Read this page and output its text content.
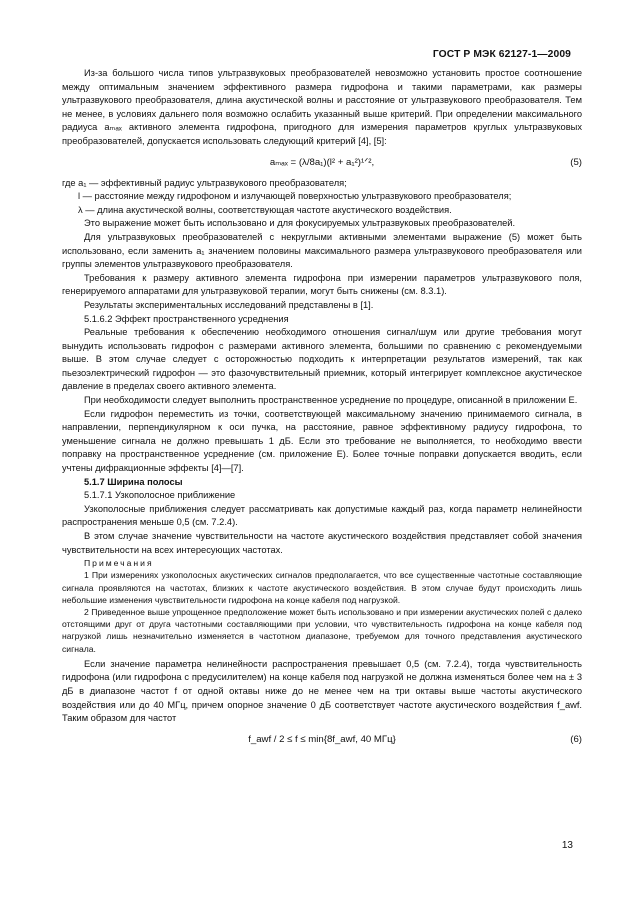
ГОСТ Р МЭК 62127-1—2009

Из-за большого числа типов ультразвуковых преобразователей невозможно установить простое соотношение между оптимальным значением эффективного размера гидрофона и такими параметрами, как размеры ультразвукового преобразователя, длина акустической волны и расстояние от ультразвукового преобразователя. Тем не менее, в условиях дальнего поля возможно ослабить указанный выше критерий. При определении максимального радиуса aₘₐₓ активного элемента гидрофона, пригодного для измерения параметров круглых ультразвуковых преобразователей, допускается использовать следующий критерий [4], [5]:

aₘₐₓ = (λ/8a₁)(l² + a₁²)¹ᐟ²,	(5)

где a₁ — эффективный радиус ультразвукового преобразователя;

l — расстояние между гидрофоном и излучающей поверхностью ультразвукового преобразователя;

λ — длина акустической волны, соответствующая частоте акустического воздействия.

Это выражение может быть использовано и для фокусируемых ультразвуковых преобразователей.

Для ультразвуковых преобразователей с некруглыми активными элементами выражение (5) может быть использовано, если заменить a₁ значением половины максимального размера ультразвукового преобразователя или группы элементов ультразвукового преобразователя.

Требования к размеру активного элемента гидрофона при измерении параметров ультразвукового поля, генерируемого аппаратами для ультразвуковой терапии, могут быть снижены (см. 8.3.1).

Результаты экспериментальных исследований представлены в [1].

5.1.6.2 Эффект пространственного усреднения

Реальные требования к обеспечению необходимого отношения сигнал/шум или другие требования могут вынудить использовать гидрофон с размерами активного элемента, большими по сравнению с рекомендуемыми выше. В этом случае следует с осторожностью подходить к интерпретации результатов измерений, так как пьезоэлектрический гидрофон — это фазочувствительный приемник, который интегрирует комплексное акустическое давление в пределах своего активного элемента.

При необходимости следует выполнить пространственное усреднение по процедуре, описанной в приложении Е.

Если гидрофон переместить из точки, соответствующей максимальному значению принимаемого сигнала, в направлении, перпендикулярном к оси пучка, на расстояние, равное эффективному радиусу гидрофона, то уменьшение сигнала не должно превышать 1 дБ. Если это требование не выполняется, то необходимо ввести поправку на пространственное усреднение (см. приложение Е). Более точные поправки допускается вводить, если учтены дифракционные эффекты [4]—[7].

5.1.7 Ширина полосы

5.1.7.1 Узкополосное приближение

Узкополосные приближения следует рассматривать как допустимые каждый раз, когда параметр нелинейности распространения меньше 0,5 (см. 7.2.4).

В этом случае значение чувствительности на частоте акустического воздействия представляет собой значения чувствительности на всех интересующих частотах.

Примечания

1 При измерениях узкополосных акустических сигналов предполагается, что все существенные частотные составляющие сигнала проявляются на частотах, близких к частоте акустического воздействия. В этом случае будут происходить лишь небольшие изменения чувствительности гидрофона на конце кабеля под нагрузкой.

2 Приведенное выше упрощенное предположение может быть использовано и при измерении акустических полей с далеко отстоящими друг от друга частотными составляющими при условии, что чувствительность гидрофона на конце кабеля под нагрузкой лишь незначительно изменяется в частотном диапазоне, требуемом для точного представления акустического сигнала.

Если значение параметра нелинейности распространения превышает 0,5 (см. 7.2.4), тогда чувствительность гидрофона (или гидрофона с предусилителем) на конце кабеля под нагрузкой не должна изменяться более чем на ± 3 дБ в диапазоне частот f от одной октавы ниже до не менее чем на три октавы выше частоты акустического воздействия или до 40 МГц, причем опорное значение 0 дБ соответствует частоте акустического воздействия f_awf. Таким образом для частот

f_awf / 2 ≤ f ≤ min{8f_awf, 40 МГц}	(6)
13
